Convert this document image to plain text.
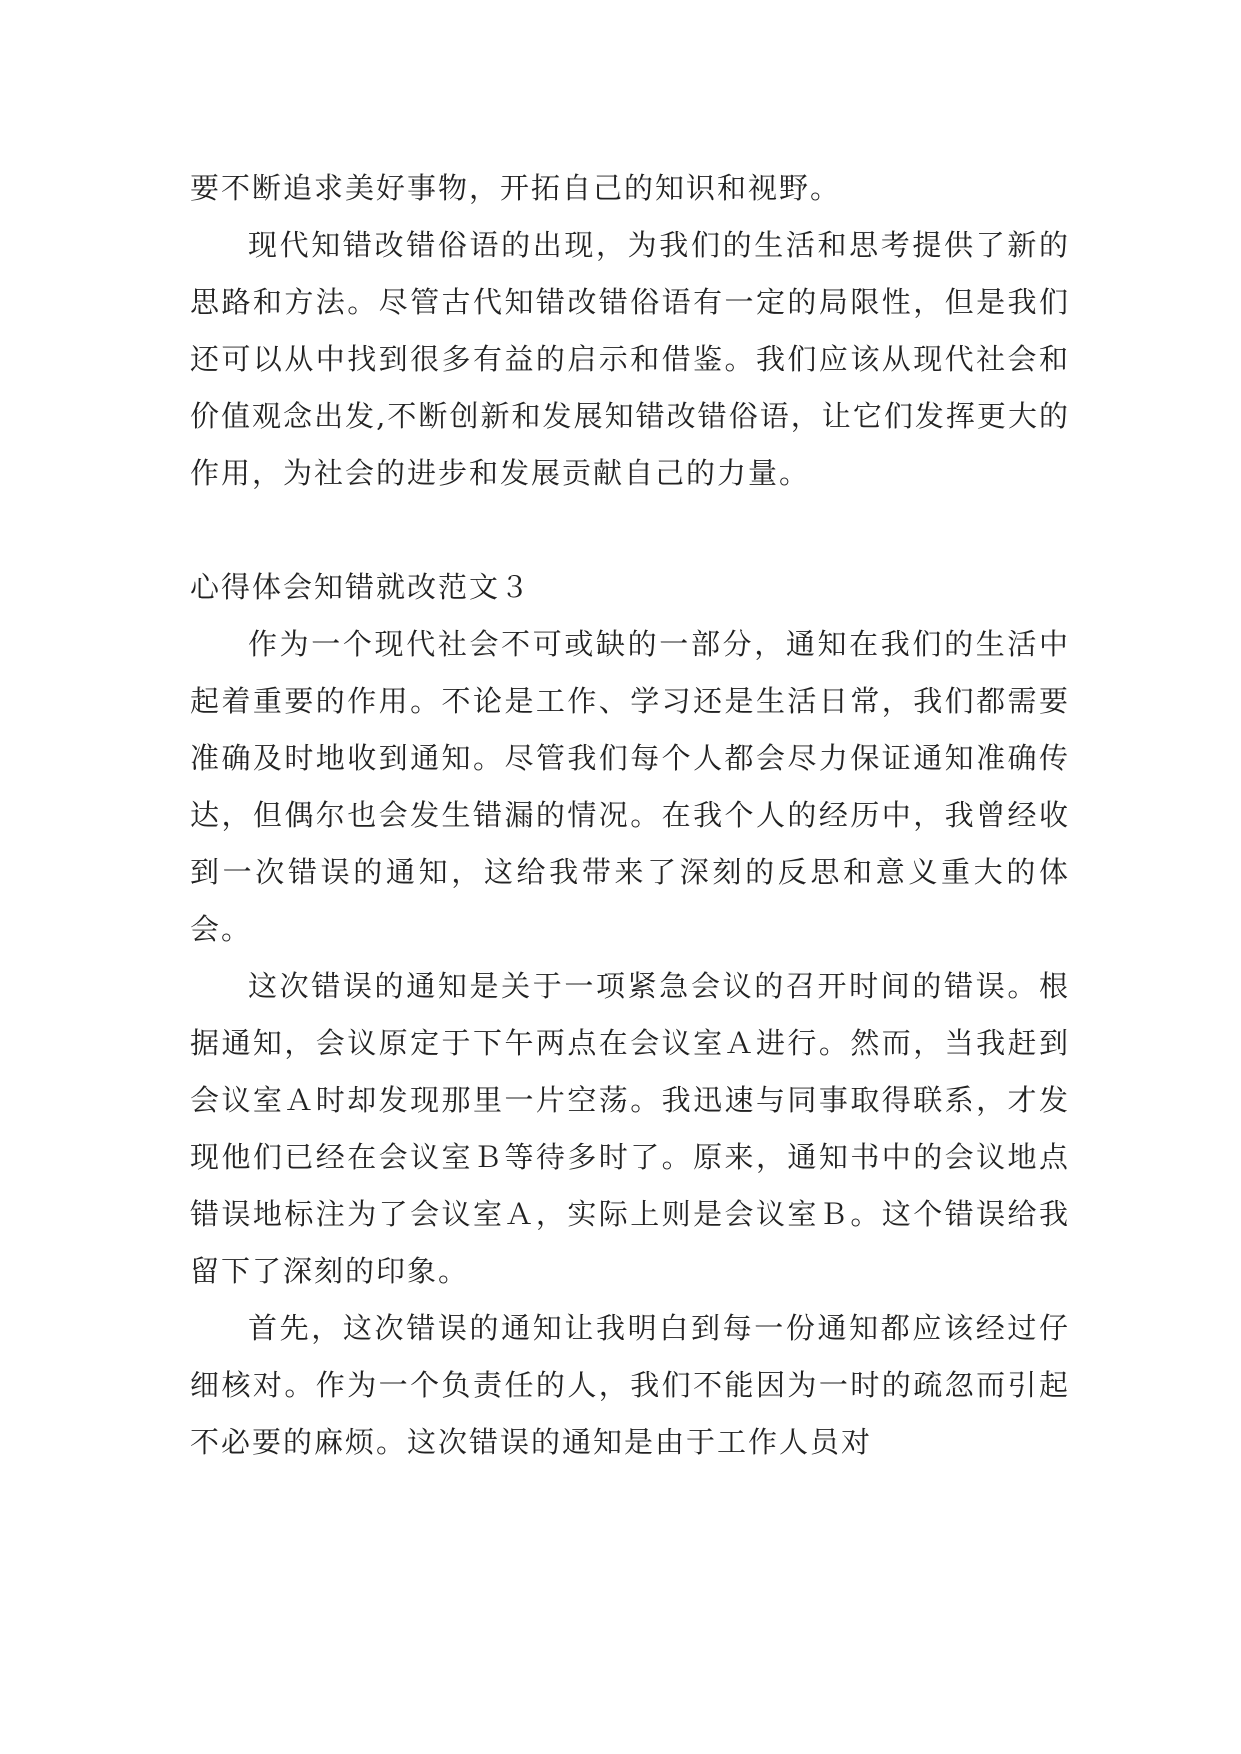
要不断追求美好事物，开拓自己的知识和视野。

现代知错改错俗语的出现，为我们的生活和思考提供了新的思路和方法。尽管古代知错改错俗语有一定的局限性，但是我们还可以从中找到很多有益的启示和借鉴。我们应该从现代社会和价值观念出发,不断创新和发展知错改错俗语，让它们发挥更大的作用，为社会的进步和发展贡献自己的力量。

心得体会知错就改范文３

作为一个现代社会不可或缺的一部分，通知在我们的生活中起着重要的作用。不论是工作、学习还是生活日常，我们都需要准确及时地收到通知。尽管我们每个人都会尽力保证通知准确传达，但偶尔也会发生错漏的情况。在我个人的经历中，我曾经收到一次错误的通知，这给我带来了深刻的反思和意义重大的体会。

这次错误的通知是关于一项紧急会议的召开时间的错误。根据通知，会议原定于下午两点在会议室Ａ进行。然而，当我赶到会议室Ａ时却发现那里一片空荡。我迅速与同事取得联系，才发现他们已经在会议室Ｂ等待多时了。原来，通知书中的会议地点错误地标注为了会议室Ａ，实际上则是会议室Ｂ。这个错误给我留下了深刻的印象。

首先，这次错误的通知让我明白到每一份通知都应该经过仔细核对。作为一个负责任的人，我们不能因为一时的疏忽而引起不必要的麻烦。这次错误的通知是由于工作人员对
